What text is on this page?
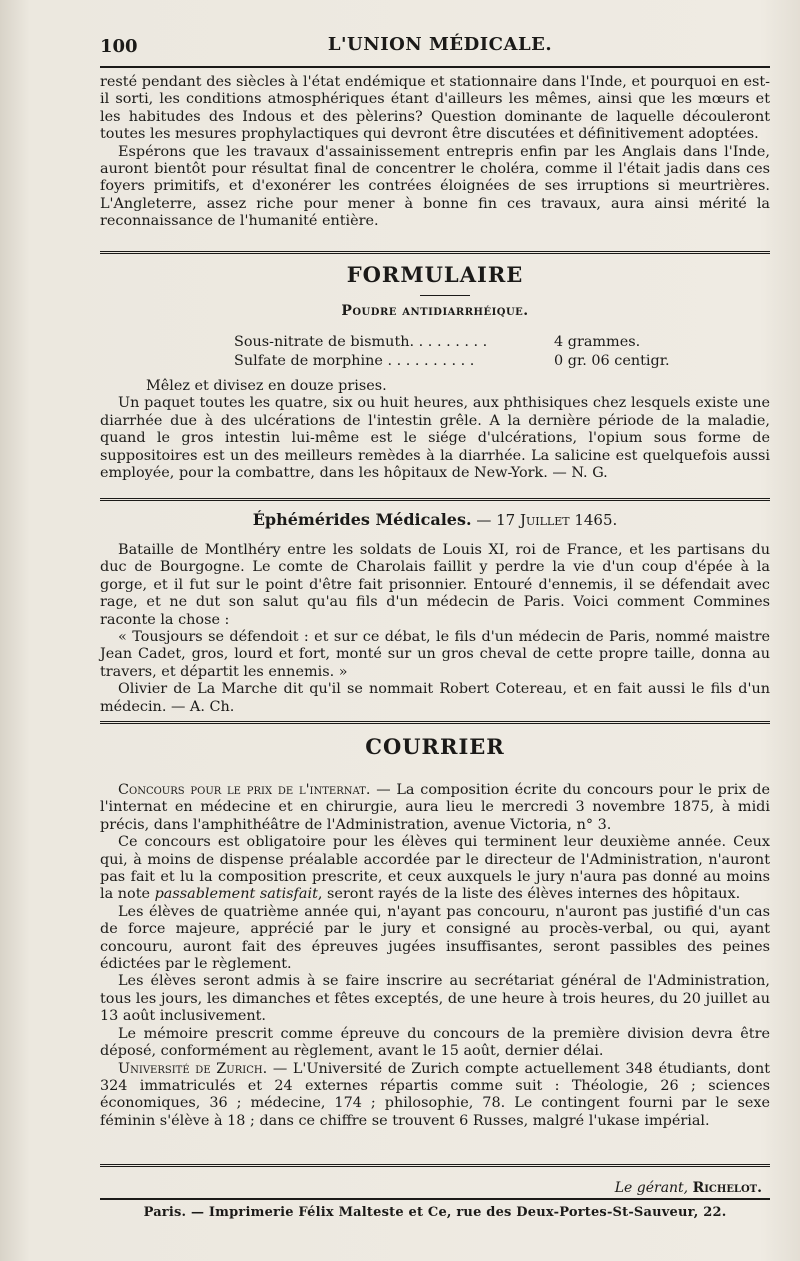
100	L'UNION MÉDICALE.

resté pendant des siècles à l'état endémique et stationnaire dans l'Inde, et pourquoi en est-il sorti, les conditions atmosphériques étant d'ailleurs les mêmes, ainsi que les mœurs et les habitudes des Indous et des pèlerins? Question dominante de laquelle découleront toutes les mesures prophylactiques qui devront être discutées et définitivement adoptées.

Espérons que les travaux d'assainissement entrepris enfin par les Anglais dans l'Inde, auront bientôt pour résultat final de concentrer le choléra, comme il l'était jadis dans ces foyers primitifs, et d'exonérer les contrées éloignées de ses irruptions si meurtrières. L'Angleterre, assez riche pour mener à bonne fin ces travaux, aura ainsi mérité la reconnaissance de l'humanité entière.

FORMULAIRE
Poudre antidiarrhéique.
Sous-nitrate de bismuth. . . . . . . . .	4 grammes.
Sulfate de morphine . . . . . . . . . .	0 gr. 06 centigr.

Mêlez et divisez en douze prises.

Un paquet toutes les quatre, six ou huit heures, aux phthisiques chez lesquels existe une diarrhée due à des ulcérations de l'intestin grêle. A la dernière période de la maladie, quand le gros intestin lui-même est le siége d'ulcérations, l'opium sous forme de suppositoires est un des meilleurs remèdes à la diarrhée. La salicine est quelquefois aussi employée, pour la combattre, dans les hôpitaux de New-York. — N. G.

Éphémérides Médicales. — 17 Juillet 1465.

Bataille de Montlhéry entre les soldats de Louis XI, roi de France, et les partisans du duc de Bourgogne. Le comte de Charolais faillit y perdre la vie d'un coup d'épée à la gorge, et il fut sur le point d'être fait prisonnier. Entouré d'ennemis, il se défendait avec rage, et ne dut son salut qu'au fils d'un médecin de Paris. Voici comment Commines raconte la chose :

« Tousjours se défendoit : et sur ce débat, le fils d'un médecin de Paris, nommé maistre Jean Cadet, gros, lourd et fort, monté sur un gros cheval de cette propre taille, donna au travers, et départit les ennemis. »

Olivier de La Marche dit qu'il se nommait Robert Cotereau, et en fait aussi le fils d'un médecin. — A. Ch.

COURRIER

Concours pour le prix de l'internat. — La composition écrite du concours pour le prix de l'internat en médecine et en chirurgie, aura lieu le mercredi 3 novembre 1875, à midi précis, dans l'amphithéâtre de l'Administration, avenue Victoria, n° 3.

Ce concours est obligatoire pour les élèves qui terminent leur deuxième année. Ceux qui, à moins de dispense préalable accordée par le directeur de l'Administration, n'auront pas fait et lu la composition prescrite, et ceux auxquels le jury n'aura pas donné au moins la note passablement satisfait, seront rayés de la liste des élèves internes des hôpitaux.

Les élèves de quatrième année qui, n'ayant pas concouru, n'auront pas justifié d'un cas de force majeure, apprécié par le jury et consigné au procès-verbal, ou qui, ayant concouru, auront fait des épreuves jugées insuffisantes, seront passibles des peines édictées par le règlement.

Les élèves seront admis à se faire inscrire au secrétariat général de l'Administration, tous les jours, les dimanches et fêtes exceptés, de une heure à trois heures, du 20 juillet au 13 août inclusivement.

Le mémoire prescrit comme épreuve du concours de la première division devra être déposé, conformément au règlement, avant le 15 août, dernier délai.

Université de Zurich. — L'Université de Zurich compte actuellement 348 étudiants, dont 324 immatriculés et 24 externes répartis comme suit : Théologie, 26 ; sciences économiques, 36 ; médecine, 174 ; philosophie, 78. Le contingent fourni par le sexe féminin s'élève à 18 ; dans ce chiffre se trouvent 6 Russes, malgré l'ukase impérial.

Le gérant, Richelot.
Paris. — Imprimerie Félix Malteste et Ce, rue des Deux-Portes-St-Sauveur, 22.
